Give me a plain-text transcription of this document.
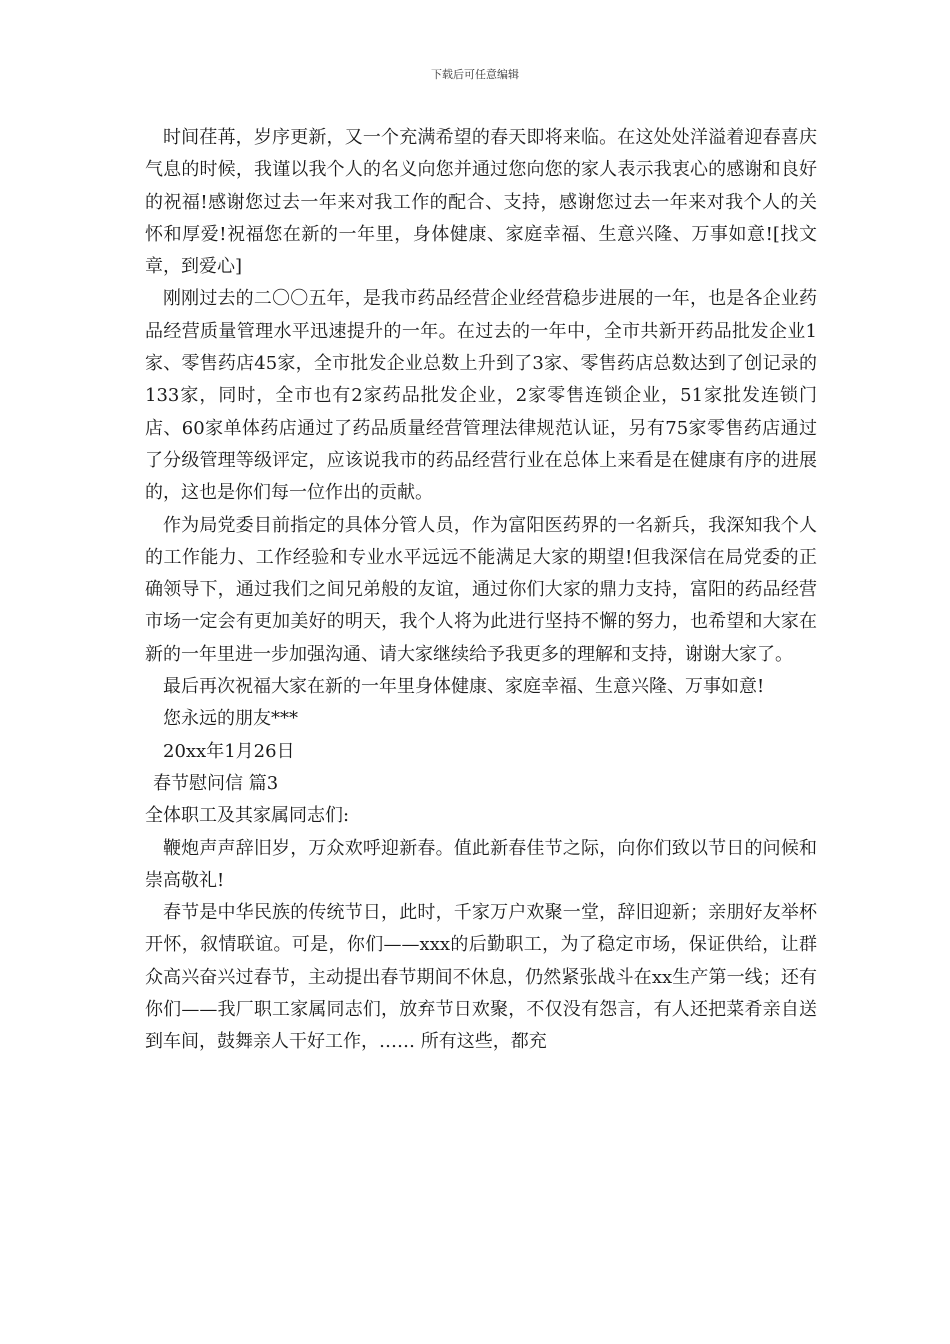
下载后可任意编辑

时间荏苒，岁序更新，又一个充满希望的春天即将来临。在这处处洋溢着迎春喜庆气息的时候，我谨以我个人的名义向您并通过您向您的家人表示我衷心的感谢和良好的祝福!感谢您过去一年来对我工作的配合、支持，感谢您过去一年来对我个人的关怀和厚爱!祝福您在新的一年里，身体健康、家庭幸福、生意兴隆、万事如意![找文章，到爱心]

刚刚过去的二〇〇五年，是我市药品经营企业经营稳步进展的一年，也是各企业药品经营质量管理水平迅速提升的一年。在过去的一年中，全市共新开药品批发企业1家、零售药店45家，全市批发企业总数上升到了3家、零售药店总数达到了创记录的133家，同时，全市也有2家药品批发企业，2家零售连锁企业，51家批发连锁门店、60家单体药店通过了药品质量经营管理法律规范认证，另有75家零售药店通过了分级管理等级评定，应该说我市的药品经营行业在总体上来看是在健康有序的进展的，这也是你们每一位作出的贡献。

作为局党委目前指定的具体分管人员，作为富阳医药界的一名新兵，我深知我个人的工作能力、工作经验和专业水平远远不能满足大家的期望!但我深信在局党委的正确领导下，通过我们之间兄弟般的友谊，通过你们大家的鼎力支持，富阳的药品经营市场一定会有更加美好的明天，我个人将为此进行坚持不懈的努力，也希望和大家在新的一年里进一步加强沟通、请大家继续给予我更多的理解和支持，谢谢大家了。

最后再次祝福大家在新的一年里身体健康、家庭幸福、生意兴隆、万事如意!

您永远的朋友***

20xx年1月26日

春节慰问信 篇3

全体职工及其家属同志们:

鞭炮声声辞旧岁，万众欢呼迎新春。值此新春佳节之际，向你们致以节日的问候和崇高敬礼!

春节是中华民族的传统节日，此时，千家万户欢聚一堂，辞旧迎新；亲朋好友举杯开怀，叙情联谊。可是，你们——xxx的后勤职工，为了稳定市场，保证供给，让群众高兴奋兴过春节，主动提出春节期间不休息，仍然紧张战斗在xx生产第一线；还有你们——我厂职工家属同志们，放弃节日欢聚，不仅没有怨言，有人还把菜肴亲自送到车间，鼓舞亲人干好工作，…… 所有这些，都充
